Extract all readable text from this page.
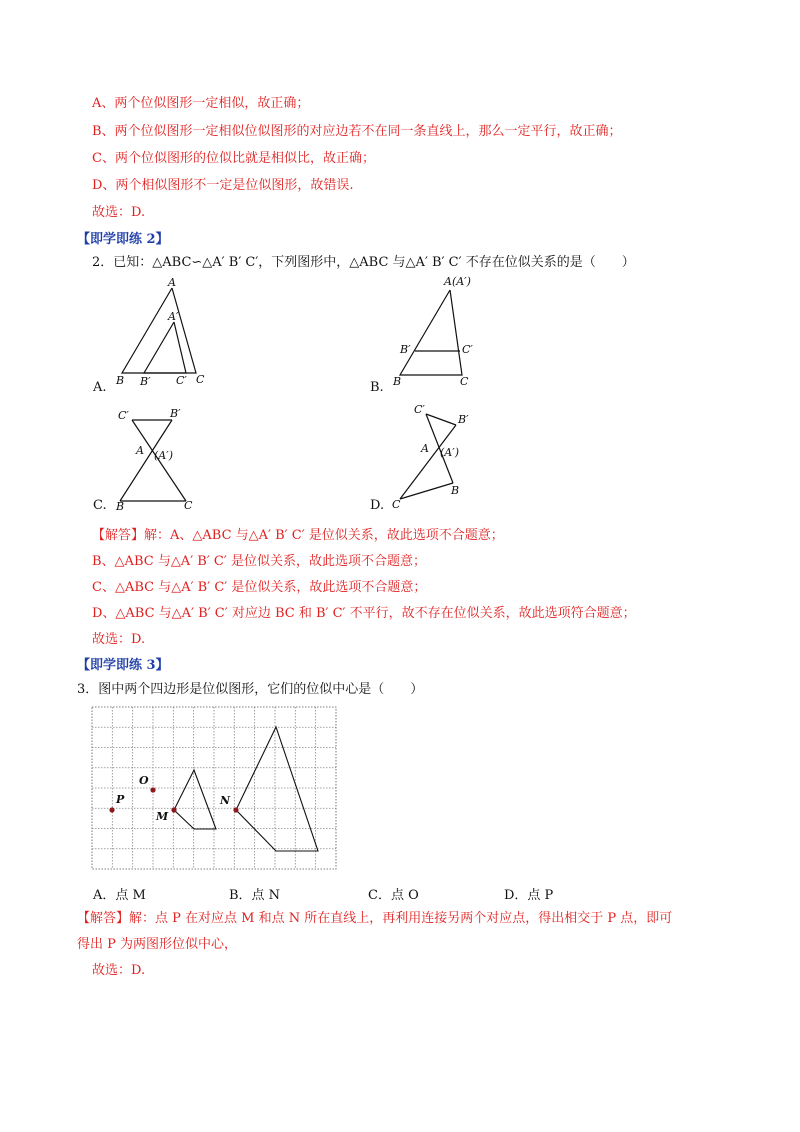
A、两个位似图形一定相似，故正确；
B、两个位似图形一定相似位似图形的对应边若不在同一条直线上，那么一定平行，故正确；
C、两个位似图形的位似比就是相似比，故正确；
D、两个相似图形不一定是位似图形，故错误.
故选：D.
【即学即练 2】
2．已知：△ABC∽△A′ B′ C′，下列图形中，△ABC 与△A′ B′ C′ 不存在位似关系的是（　　）
A
A′
B B′ C′ C
A.
A(A′)
B′	C′
B	C
B.
C′	B′
A (A′)
B	C
C.
C′
B′
A (A′)
C
B
D.
【解答】解：A、△ABC 与△A′ B′ C′ 是位似关系，故此选项不合题意；
B、△ABC 与△A′ B′ C′ 是位似关系，故此选项不合题意；
C、△ABC 与△A′ B′ C′ 是位似关系，故此选项不合题意；
D、△ABC 与△A′ B′ C′ 对应边 BC 和 B′ C′ 不平行，故不存在位似关系，故此选项符合题意；
故选：D.
【即学即练 3】
3．图中两个四边形是位似图形，它们的位似中心是（　　）
O
P
M
N
A．点 M	B．点 N	C．点 O	D．点 P
【解答】解：点 P 在对应点 M 和点 N 所在直线上，再利用连接另两个对应点，得出相交于 P 点，即可
得出 P 为两图形位似中心，
故选：D.
